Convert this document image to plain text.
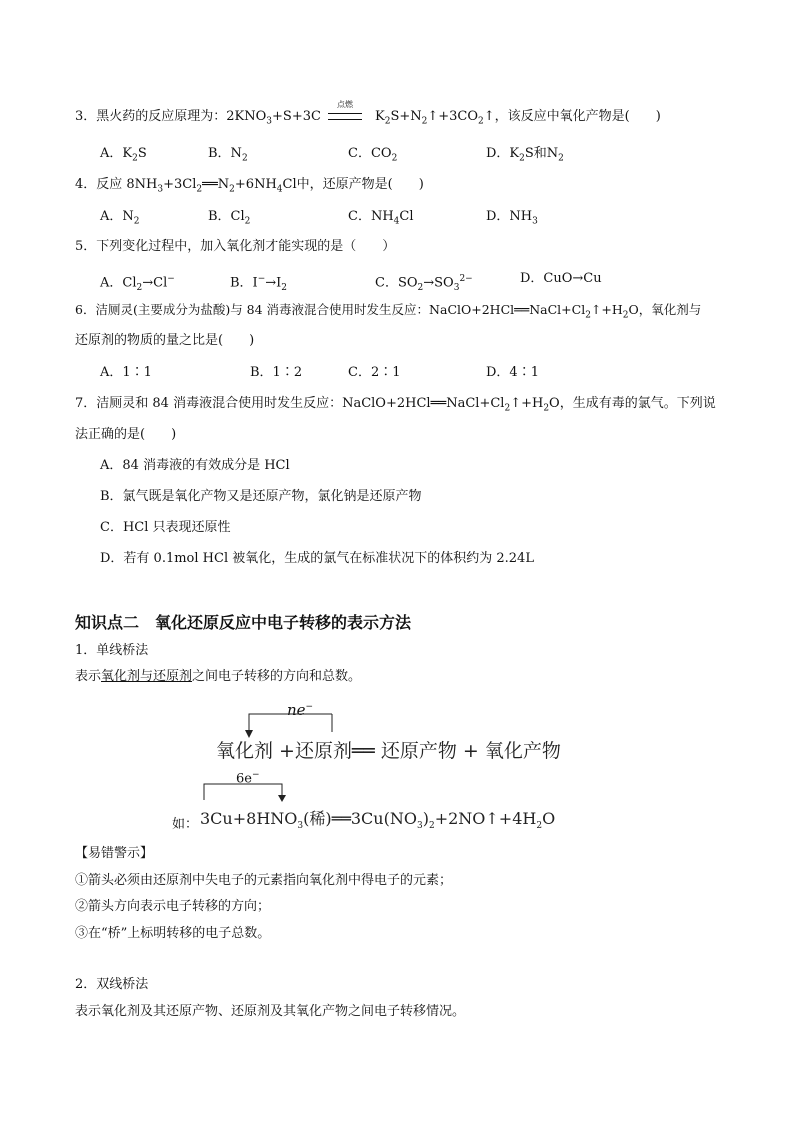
3．黑火药的反应原理为：$2KNO_3+S+3C$
点燃
$K_2S+N_2↑+3CO_2↑$，该反应中氧化产物是(　　)
A．$K_2S$	B．$N_2$	C．$CO_2$	D．$K_2S$和$N_2$
4．反应 $8NH_3+3Cl_2══N_2+6NH_4Cl$中，还原产物是(　　)
A．$N_2$	B．$Cl_2$	C．$NH_4Cl$	D．$NH_3$
5．下列变化过程中，加入氧化剂才能实现的是（　　）
A．$Cl_2\to Cl^-$	B．$I^-\to I_2$	C．$SO_2\to SO_3^{2-}$	D．CuO→Cu
6．洁厕灵(主要成分为盐酸)与 84 消毒液混合使用时发生反应：$NaClO+2HCl══NaCl+Cl_2↑+H_2O$，氧化剂与
还原剂的物质的量之比是(　　)
A．1∶1	B．1∶2	C．2∶1	D．4∶1
7．洁厕灵和 84 消毒液混合使用时发生反应：$NaClO+2HCl══NaCl+Cl_2↑+H_2O$，生成有毒的氯气。下列说
法正确的是(　　)
A．84 消毒液的有效成分是 HCl
B．氯气既是氧化产物又是还原产物，氯化钠是还原产物
C．HCl 只表现还原性
D．若有 0.1mol HCl 被氧化，生成的氯气在标准状况下的体积约为 2.24L
知识点二　氧化还原反应中电子转移的表示方法
1．单线桥法
表示氧化剂与还原剂之间电子转移的方向和总数。
ne−
氧化剂 +还原剂══ 还原产物 + 氧化产物
6e−
如： $3Cu+8HNO_3$(稀)$══3Cu(NO_3)_2+2NO↑+4H_2O$
【易错警示】
①箭头必须由还原剂中失电子的元素指向氧化剂中得电子的元素；
②箭头方向表示电子转移的方向；
③在“桥”上标明转移的电子总数。
2．双线桥法
表示氧化剂及其还原产物、还原剂及其氧化产物之间电子转移情况。
